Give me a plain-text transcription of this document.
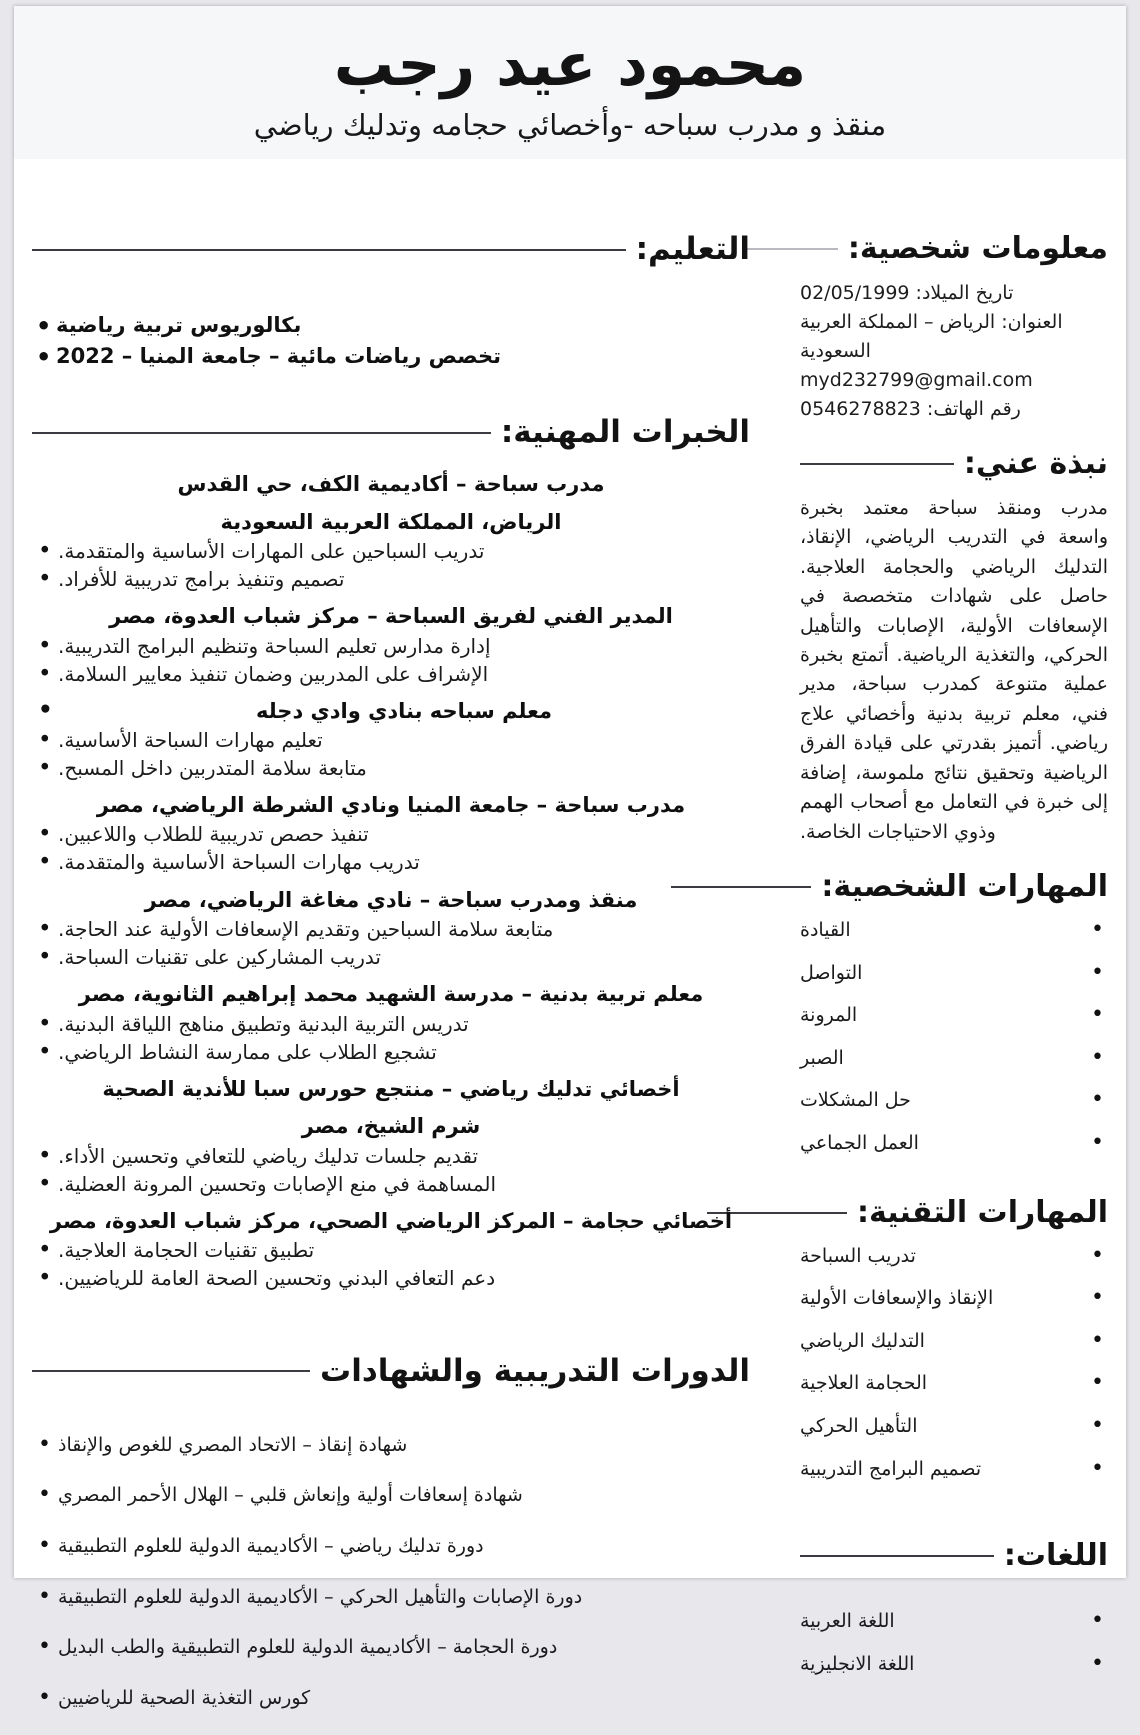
محمود عيد رجب

منقذ و مدرب سباحه -وأخصائي حجامه وتدليك رياضي

معلومات شخصية:
تاريخ الميلاد: 02/05/1999
العنوان: الرياض – المملكة العربية السعودية
myd232799@gmail.com
رقم الهاتف: 0546278823
نبذة عني:

مدرب ومنقذ سباحة معتمد بخبرة واسعة في التدريب الرياضي، الإنقاذ، التدليك الرياضي والحجامة العلاجية. حاصل على شهادات متخصصة في الإسعافات الأولية، الإصابات والتأهيل الحركي، والتغذية الرياضية. أتمتع بخبرة عملية متنوعة كمدرب سباحة، مدير فني، معلم تربية بدنية وأخصائي علاج رياضي. أتميز بقدرتي على قيادة الفرق الرياضية وتحقيق نتائج ملموسة، إضافة إلى خبرة في التعامل مع أصحاب الهمم وذوي الاحتياجات الخاصة.

المهارات الشخصية:
• القيادة
• التواصل
• المرونة
• الصبر
• حل المشكلات
• العمل الجماعي
المهارات التقنية:
• تدريب السباحة
• الإنقاذ والإسعافات الأولية
• التدليك الرياضي
• الحجامة العلاجية
• التأهيل الحركي
• تصميم البرامج التدريبية
اللغات:
• اللغة العربية
• اللغة الانجليزية
التعليم:
• بكالوريوس تربية رياضية
• تخصص رياضات مائية – جامعة المنيا – 2022
الخبرات المهنية:
مدرب سباحة – أكاديمية الكف، حي القدس
الرياض، المملكة العربية السعودية
• تدريب السباحين على المهارات الأساسية والمتقدمة.
• تصميم وتنفيذ برامج تدريبية للأفراد.
المدير الفني لفريق السباحة – مركز شباب العدوة، مصر
• إدارة مدارس تعليم السباحة وتنظيم البرامج التدريبية.
• الإشراف على المدربين وضمان تنفيذ معايير السلامة.
• معلم سباحه بنادي وادي دجله
• تعليم مهارات السباحة الأساسية.
• متابعة سلامة المتدربين داخل المسبح.
مدرب سباحة – جامعة المنيا ونادي الشرطة الرياضي، مصر
• تنفيذ حصص تدريبية للطلاب واللاعبين.
• تدريب مهارات السباحة الأساسية والمتقدمة.
منقذ ومدرب سباحة – نادي مغاغة الرياضي، مصر
• متابعة سلامة السباحين وتقديم الإسعافات الأولية عند الحاجة.
• تدريب المشاركين على تقنيات السباحة.
معلم تربية بدنية – مدرسة الشهيد محمد إبراهيم الثانوية، مصر
• تدريس التربية البدنية وتطبيق مناهج اللياقة البدنية.
• تشجيع الطلاب على ممارسة النشاط الرياضي.
أخصائي تدليك رياضي – منتجع حورس سبا للأندية الصحية
شرم الشيخ، مصر
• تقديم جلسات تدليك رياضي للتعافي وتحسين الأداء.
• المساهمة في منع الإصابات وتحسين المرونة العضلية.
أخصائي حجامة – المركز الرياضي الصحي، مركز شباب العدوة، مصر
• تطبيق تقنيات الحجامة العلاجية.
• دعم التعافي البدني وتحسين الصحة العامة للرياضيين.
الدورات التدريبية والشهادات
• شهادة إنقاذ – الاتحاد المصري للغوص والإنقاذ
• شهادة إسعافات أولية وإنعاش قلبي – الهلال الأحمر المصري
• دورة تدليك رياضي – الأكاديمية الدولية للعلوم التطبيقية
• دورة الإصابات والتأهيل الحركي – الأكاديمية الدولية للعلوم التطبيقية
• دورة الحجامة – الأكاديمية الدولية للعلوم التطبيقية والطب البديل
• كورس التغذية الصحية للرياضيين
